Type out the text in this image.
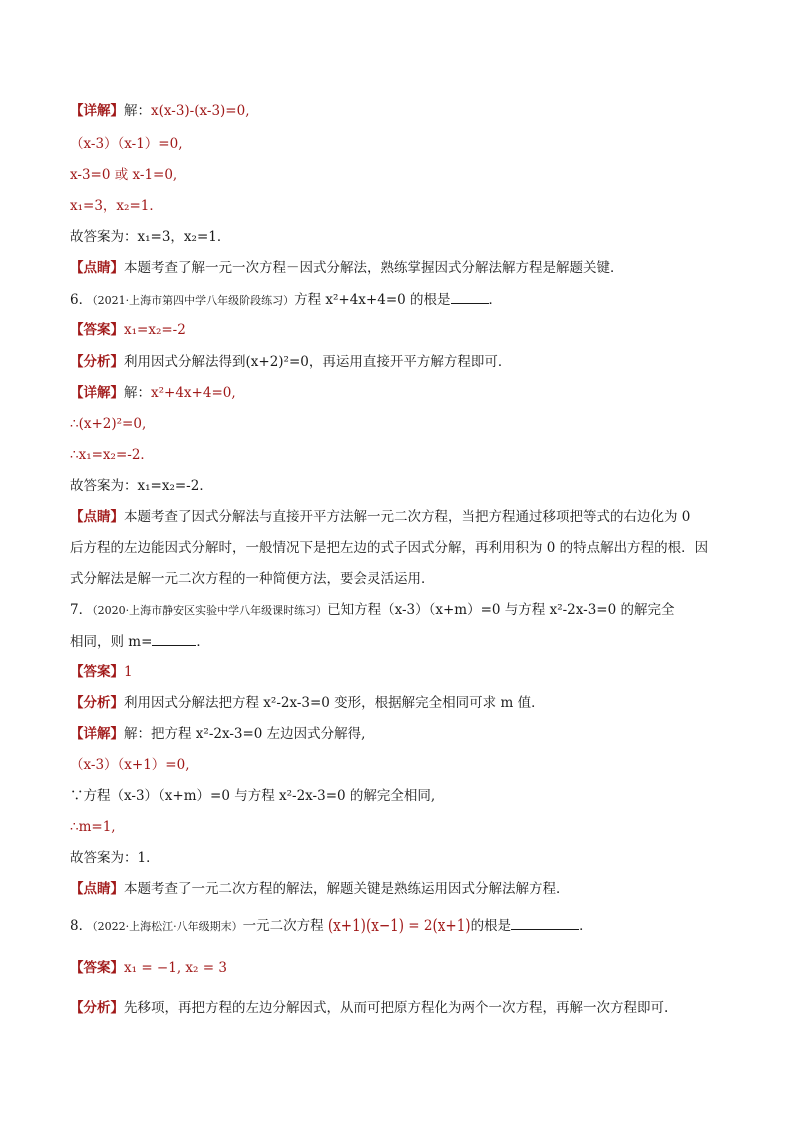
【详解】解：x(x-3)-(x-3)=0,
（x-3）（x-1）=0,
x-3=0 或 x-1=0,
x₁=3，x₂=1．
故答案为：x₁=3，x₂=1．
【点睛】本题考查了解一元一次方程－因式分解法，熟练掌握因式分解法解方程是解题关键．
6．（2021·上海市第四中学八年级阶段练习）方程 x²+4x+4=0 的根是	．
【答案】x₁=x₂=-2
【分析】利用因式分解法得到(x+2)²=0，再运用直接开平方解方程即可．
【详解】解：x²+4x+4=0,
∴(x+2)²=0,
∴x₁=x₂=-2．
故答案为：x₁=x₂=-2．
【点睛】本题考查了因式分解法与直接开平方法解一元二次方程，当把方程通过移项把等式的右边化为 0
后方程的左边能因式分解时，一般情况下是把左边的式子因式分解，再利用积为 0 的特点解出方程的根．因
式分解法是解一元二次方程的一种简便方法，要会灵活运用．
7．（2020·上海市静安区实验中学八年级课时练习）已知方程（x-3）（x+m）=0 与方程 x²-2x-3=0 的解完全
相同，则 m=	．
【答案】1
【分析】利用因式分解法把方程 x²-2x-3=0 变形，根据解完全相同可求 m 值．
【详解】解：把方程 x²-2x-3=0 左边因式分解得,
（x-3）（x+1）=0,
∵方程（x-3）（x+m）=0 与方程 x²-2x-3=0 的解完全相同,
∴m=1,
故答案为：1．
【点睛】本题考查了一元二次方程的解法，解题关键是熟练运用因式分解法解方程．
8．（2022·上海松江·八年级期末）一元二次方程 (x+1)(x−1) = 2(x+1)的根是	．
【答案】x₁ = −1, x₂ = 3
【分析】先移项，再把方程的左边分解因式，从而可把原方程化为两个一次方程，再解一次方程即可.
